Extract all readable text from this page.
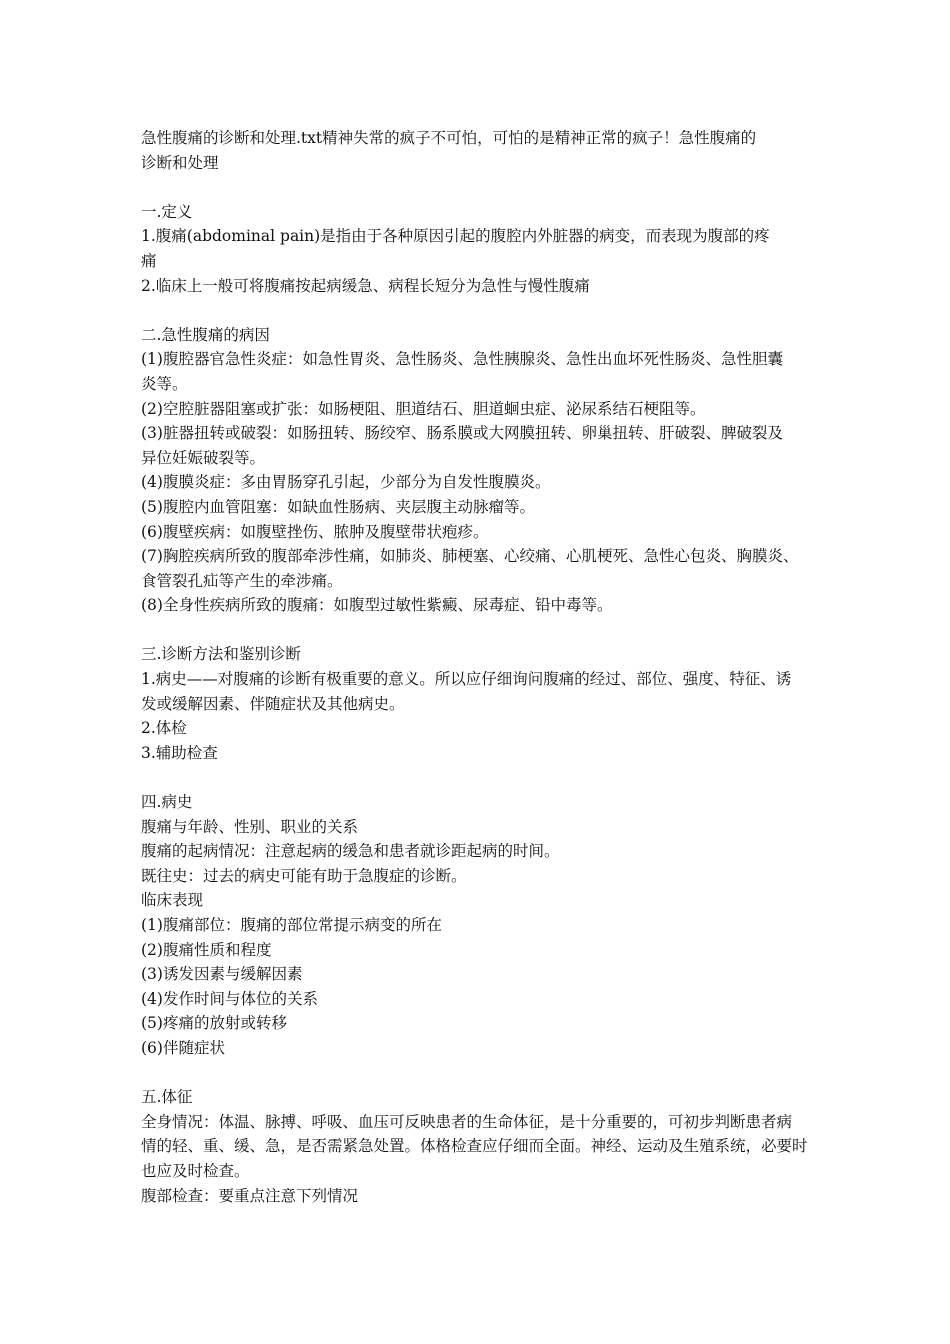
急性腹痛的诊断和处理.txt精神失常的疯子不可怕，可怕的是精神正常的疯子！急性腹痛的
诊断和处理
一.定义
1.腹痛(abdominal pain)是指由于各种原因引起的腹腔内外脏器的病变，而表现为腹部的疼
痛
2.临床上一般可将腹痛按起病缓急、病程长短分为急性与慢性腹痛
二.急性腹痛的病因
(1)腹腔器官急性炎症：如急性胃炎、急性肠炎、急性胰腺炎、急性出血坏死性肠炎、急性胆囊
炎等。
(2)空腔脏器阻塞或扩张：如肠梗阻、胆道结石、胆道蛔虫症、泌尿系结石梗阻等。
(3)脏器扭转或破裂：如肠扭转、肠绞窄、肠系膜或大网膜扭转、卵巢扭转、肝破裂、脾破裂及
异位妊娠破裂等。
(4)腹膜炎症：多由胃肠穿孔引起，少部分为自发性腹膜炎。
(5)腹腔内血管阻塞：如缺血性肠病、夹层腹主动脉瘤等。
(6)腹壁疾病：如腹壁挫伤、脓肿及腹壁带状疱疹。
(7)胸腔疾病所致的腹部牵涉性痛，如肺炎、肺梗塞、心绞痛、心肌梗死、急性心包炎、胸膜炎、
食管裂孔疝等产生的牵涉痛。
(8)全身性疾病所致的腹痛：如腹型过敏性紫癜、尿毒症、铅中毒等。
三.诊断方法和鉴别诊断
1.病史——对腹痛的诊断有极重要的意义。所以应仔细询问腹痛的经过、部位、强度、特征、诱
发或缓解因素、伴随症状及其他病史。
2.体检
3.辅助检查
四.病史
腹痛与年龄、性别、职业的关系
腹痛的起病情况：注意起病的缓急和患者就诊距起病的时间。
既往史：过去的病史可能有助于急腹症的诊断。
临床表现
(1)腹痛部位：腹痛的部位常提示病变的所在
(2)腹痛性质和程度
(3)诱发因素与缓解因素
(4)发作时间与体位的关系
(5)疼痛的放射或转移
(6)伴随症状
五.体征
全身情况：体温、脉搏、呼吸、血压可反映患者的生命体征，是十分重要的，可初步判断患者病
情的轻、重、缓、急，是否需紧急处置。体格检查应仔细而全面。神经、运动及生殖系统，必要时
也应及时检查。
腹部检查：要重点注意下列情况
